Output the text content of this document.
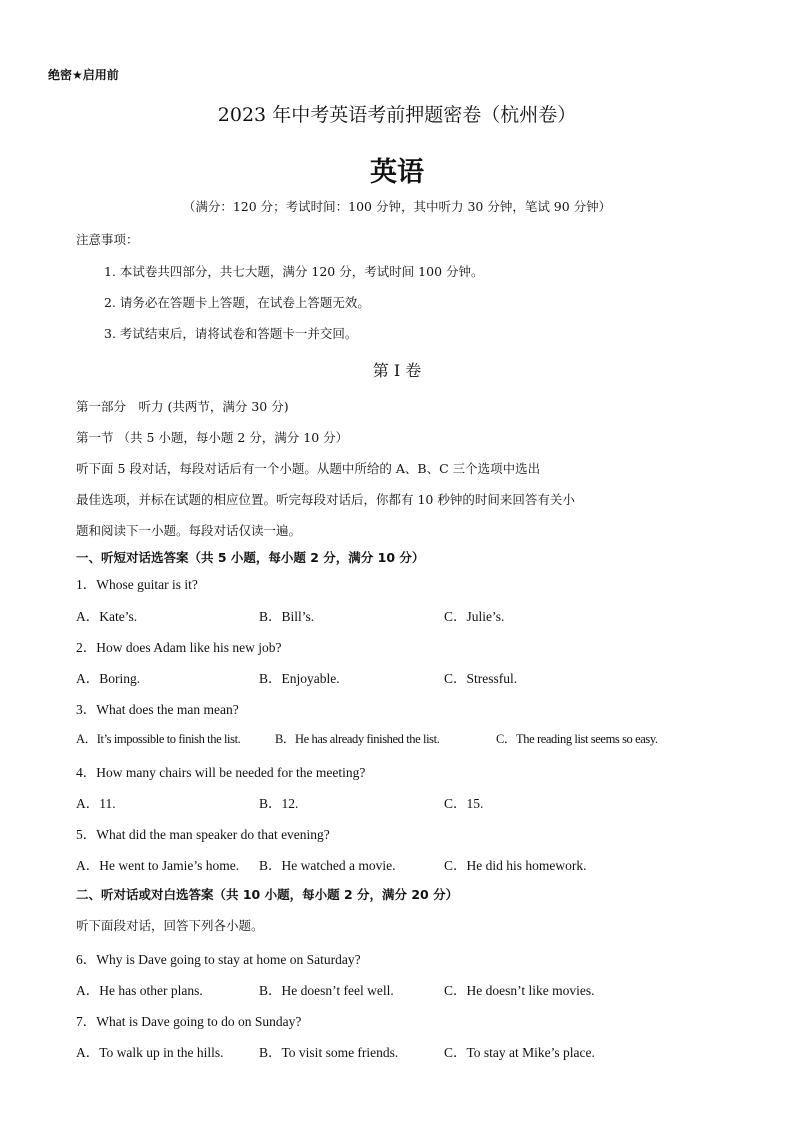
绝密★启用前
2023 年中考英语考前押题密卷（杭州卷）
英语
（满分：120 分；考试时间：100 分钟，其中听力 30 分钟，笔试 90 分钟）
注意事项：
1. 本试卷共四部分，共七大题，满分 120 分，考试时间 100 分钟。
2. 请务必在答题卡上答题，在试卷上答题无效。
3. 考试结束后，请将试卷和答题卡一并交回。
第 I 卷
第一部分　听力 (共两节，满分 30 分)
第一节 （共 5 小题，每小题 2 分，满分 10 分）
听下面 5 段对话，每段对话后有一个小题。从题中所给的 A、B、C 三个选项中选出
最佳选项，并标在试题的相应位置。听完每段对话后，你都有 10 秒钟的时间来回答有关小
题和阅读下一小题。每段对话仅读一遍。
一、听短对话选答案（共 5 小题，每小题 2 分，满分 10 分）
1．Whose guitar is it?
A．Kate’s.	B．Bill’s.	C．Julie’s.
2．How does Adam like his new job?
A．Boring.	B．Enjoyable.	C．Stressful.
3．What does the man mean?
A．It’s impossible to finish the list.	B．He has already finished the list.	C．The reading list seems so easy.
4．How many chairs will be needed for the meeting?
A．11.	B．12.	C．15.
5．What did the man speaker do that evening?
A．He went to Jamie’s home. B．He watched a movie.	C．He did his homework.
二、听对话或对白选答案（共 10 小题，每小题 2 分，满分 20 分）
听下面段对话，回答下列各小题。
6．Why is Dave going to stay at home on Saturday?
A．He has other plans.	B．He doesn’t feel well.	C．He doesn’t like movies.
7．What is Dave going to do on Sunday?
A．To walk up in the hills.	B．To visit some friends.	C．To stay at Mike’s place.
